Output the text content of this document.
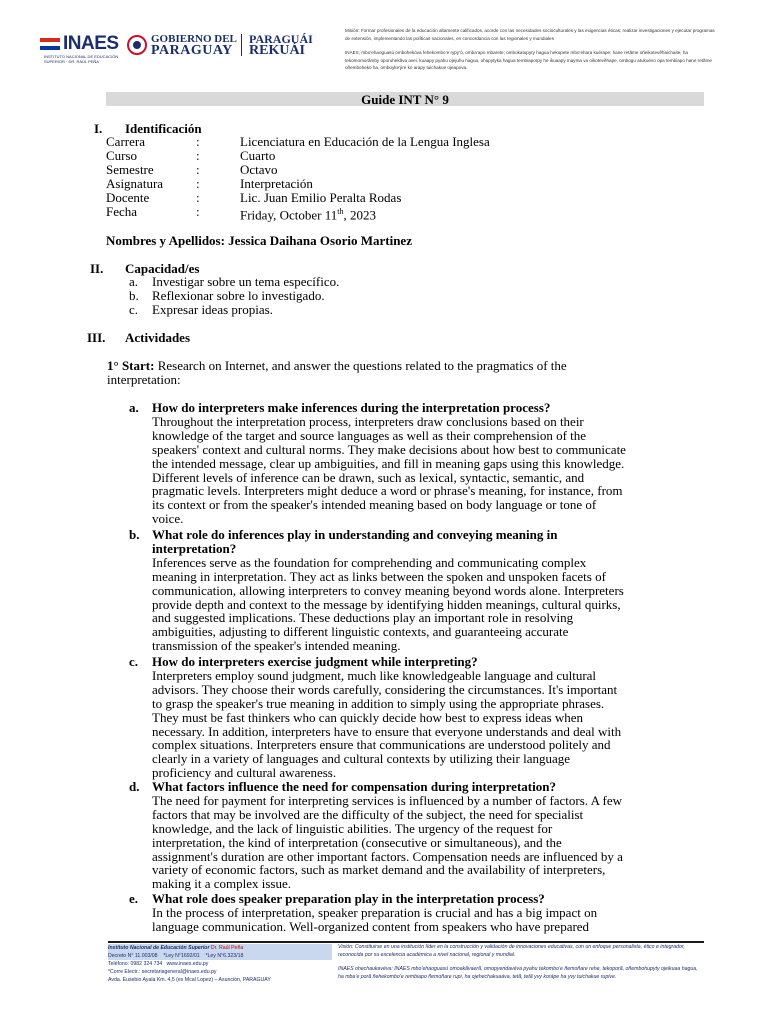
INAES
INSTITUTO NACIONAL DE EDUCACIÓN SUPERIOR · DR. RAÚL PEÑA
GOBIERNO DEL
PARAGUAY
PARAGUÁI
REKUÁI

Misión: Formar profesionales de la educación altamente calificados, acorde con las necesidades socioculturales y las exigencias éticas; realizar investigaciones y ejecutar programas de extensión, implementando las políticas nacionales, en concordancia con las regionales y mundiales

INAES, mbo’ehaoguasú ombohekóva fehekombo’e rypy’ó, omba’apo mbarete; ombokatupyry hagua hekopete mbo’ehara kuérape; hane retãme oñeikotevẽhaichaite, ha tekomomorãmby oporuhekãva avei, kuaapy pyahu ojejuhu hagua, ohupytyka hagua tembiaporpy he ikuaapy mayma va oikotevẽhape, ombogu atukuévo opa tembiapo hane retãme oñemboheko ha, omboyke’jire ko arapy tuichakue ojeapova.

Guide INT N° 9
I. Identificación
Carrera	:	Licenciatura en Educación de la Lengua Inglesa
Curso	:	Cuarto
Semestre	:	Octavo
Asignatura	:	Interpretación
Docente	:	Lic. Juan Emilio Peralta Rodas
Fecha	:	Friday, October 11th, 2023
Nombres y Apellidos: Jessica Daihana Osorio Martinez
II. Capacidad/es
a. Investigar sobre un tema específico.
b. Reflexionar sobre lo investigado.
c. Expresar ideas propias.
III. Actividades
1° Start: Research on Internet, and answer the questions related to the pragmatics of the
interpretation:
a. How do interpreters make inferences during the interpretation process?
Throughout the interpretation process, interpreters draw conclusions based on their
knowledge of the target and source languages as well as their comprehension of the
speakers' context and cultural norms. They make decisions about how best to communicate
the intended message, clear up ambiguities, and fill in meaning gaps using this knowledge.
Different levels of inference can be drawn, such as lexical, syntactic, semantic, and
pragmatic levels. Interpreters might deduce a word or phrase's meaning, for instance, from
its context or from the speaker's intended meaning based on body language or tone of
voice.
b. What role do inferences play in understanding and conveying meaning in
interpretation?
Inferences serve as the foundation for comprehending and communicating complex
meaning in interpretation. They act as links between the spoken and unspoken facets of
communication, allowing interpreters to convey meaning beyond words alone. Interpreters
provide depth and context to the message by identifying hidden meanings, cultural quirks,
and suggested implications. These deductions play an important role in resolving
ambiguities, adjusting to different linguistic contexts, and guaranteeing accurate
transmission of the speaker's intended meaning.
c. How do interpreters exercise judgment while interpreting?
Interpreters employ sound judgment, much like knowledgeable language and cultural
advisors. They choose their words carefully, considering the circumstances. It's important
to grasp the speaker's true meaning in addition to simply using the appropriate phrases.
They must be fast thinkers who can quickly decide how best to express ideas when
necessary. In addition, interpreters have to ensure that everyone understands and deal with
complex situations. Interpreters ensure that communications are understood politely and
clearly in a variety of languages and cultural contexts by utilizing their language
proficiency and cultural awareness.
d. What factors influence the need for compensation during interpretation?
The need for payment for interpreting services is influenced by a number of factors. A few
factors that may be involved are the difficulty of the subject, the need for specialist
knowledge, and the lack of linguistic abilities. The urgency of the request for
interpretation, the kind of interpretation (consecutive or simultaneous), and the
assignment's duration are other important factors. Compensation needs are influenced by a
variety of economic factors, such as market demand and the availability of interpreters,
making it a complex issue.
e. What role does speaker preparation play in the interpretation process?
In the process of interpretation, speaker preparation is crucial and has a big impact on
language communication. Well-organized content from speakers who have prepared
Instituto Nacional de Educación Superior Dr. Raúl Peña
Decreto N° 11.003/08 *Ley N°1692/01 *Ley N°6.323/18
Teléfono: 0982 324 734 www.inaes.edu.py
*Corre Electr.: secretariageneral@inaes.edu.py
Avda. Eusebio Ayala Km. 4,5 (ex Mcal Lopez) – Asunción, PARAGUAY

Visión: Constituirse en una institución líder en la construcción y validación de innovaciones educativas, con un enfoque personalista, ético e integrador, reconocida por su excelencia académica a nivel nacional, regional y mundial.

INAES ohechaukavéva: INAES mbo’ehaoguasú omoakãvaerã, omopyendavéva pyahu tekombo’e ñemoñare rehe, tekoporã, oñembohupyty ojeikuaa hagua, ha mba’e porã ñehekombo’e rembiapo ñemoñare rupi, ha ojehechakuaáva, tetã, tetã yvy korápe ha yvy tuichakue rupive.
